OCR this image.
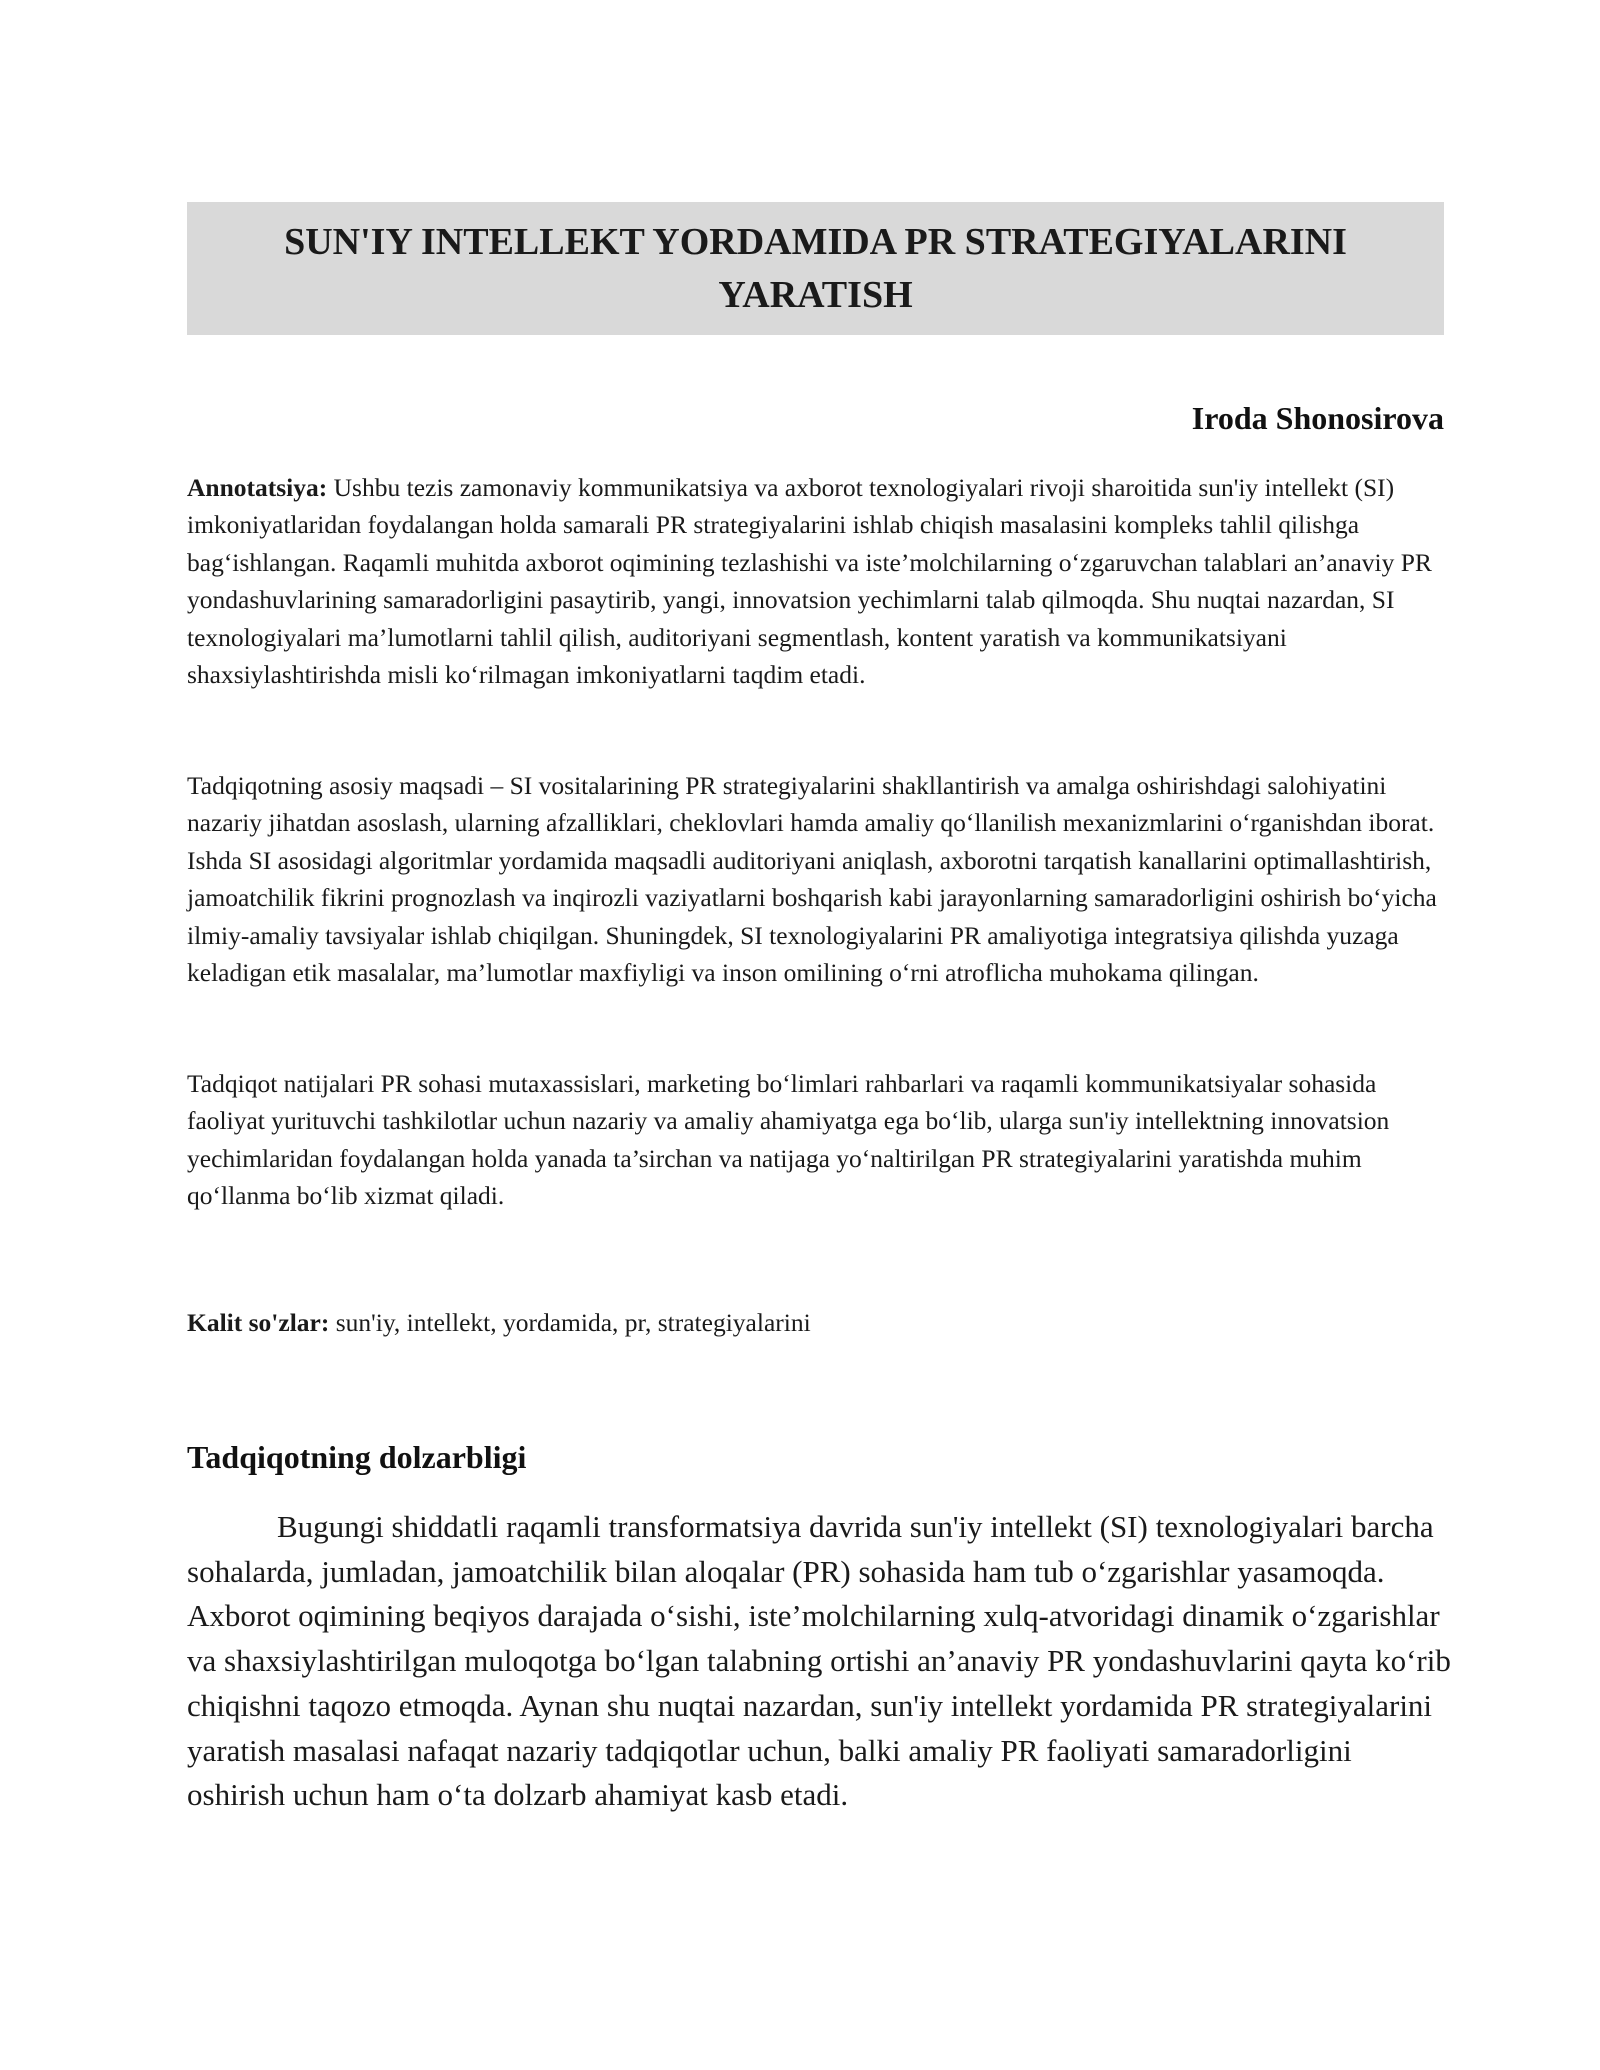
SUN'IY INTELLEKT YORDAMIDA PR STRATEGIYALARINI YARATISH

Iroda Shonosirova

Annotatsiya: Ushbu tezis zamonaviy kommunikatsiya va axborot texnologiyalari rivoji sharoitida sun'iy intellekt (SI) imkoniyatlaridan foydalangan holda samarali PR strategiyalarini ishlab chiqish masalasini kompleks tahlil qilishga bag‘ishlangan. Raqamli muhitda axborot oqimining tezlashishi va iste’molchilarning o‘zgaruvchan talablari an’anaviy PR yondashuvlarining samaradorligini pasaytirib, yangi, innovatsion yechimlarni talab qilmoqda. Shu nuqtai nazardan, SI texnologiyalari ma’lumotlarni tahlil qilish, auditoriyani segmentlash, kontent yaratish va kommunikatsiyani shaxsiylashtirishda misli ko‘rilmagan imkoniyatlarni taqdim etadi.

Tadqiqotning asosiy maqsadi – SI vositalarining PR strategiyalarini shakllantirish va amalga oshirishdagi salohiyatini nazariy jihatdan asoslash, ularning afzalliklari, cheklovlari hamda amaliy qo‘llanilish mexanizmlarini o‘rganishdan iborat. Ishda SI asosidagi algoritmlar yordamida maqsadli auditoriyani aniqlash, axborotni tarqatish kanallarini optimallashtirish, jamoatchilik fikrini prognozlash va inqirozli vaziyatlarni boshqarish kabi jarayonlarning samaradorligini oshirish bo‘yicha ilmiy-amaliy tavsiyalar ishlab chiqilgan. Shuningdek, SI texnologiyalarini PR amaliyotiga integratsiya qilishda yuzaga keladigan etik masalalar, ma’lumotlar maxfiyligi va inson omilining o‘rni atroflicha muhokama qilingan.

Tadqiqot natijalari PR sohasi mutaxassislari, marketing bo‘limlari rahbarlari va raqamli kommunikatsiyalar sohasida faoliyat yurituvchi tashkilotlar uchun nazariy va amaliy ahamiyatga ega bo‘lib, ularga sun'iy intellektning innovatsion yechimlaridan foydalangan holda yanada ta’sirchan va natijaga yo‘naltirilgan PR strategiyalarini yaratishda muhim qo‘llanma bo‘lib xizmat qiladi.

Kalit so'zlar: sun'iy, intellekt, yordamida, pr, strategiyalarini

Tadqiqotning dolzarbligi

Bugungi shiddatli raqamli transformatsiya davrida sun'iy intellekt (SI) texnologiyalari barcha sohalarda, jumladan, jamoatchilik bilan aloqalar (PR) sohasida ham tub o‘zgarishlar yasamoqda. Axborot oqimining beqiyos darajada o‘sishi, iste’molchilarning xulq-atvoridagi dinamik o‘zgarishlar va shaxsiylashtirilgan muloqotga bo‘lgan talabning ortishi an’anaviy PR yondashuvlarini qayta ko‘rib chiqishni taqozo etmoqda. Aynan shu nuqtai nazardan, sun'iy intellekt yordamida PR strategiyalarini yaratish masalasi nafaqat nazariy tadqiqotlar uchun, balki amaliy PR faoliyati samaradorligini oshirish uchun ham o‘ta dolzarb ahamiyat kasb etadi.
